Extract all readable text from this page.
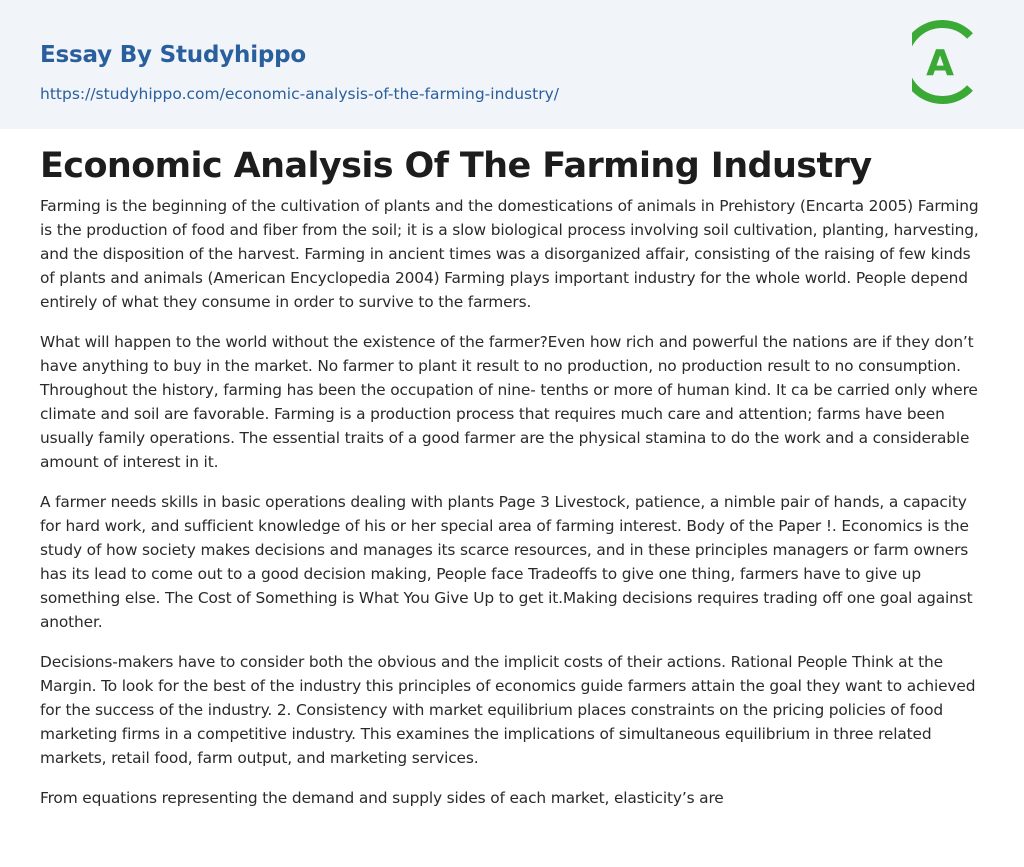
Essay By Studyhippo
https://studyhippo.com/economic-analysis-of-the-farming-industry/
A
Economic Analysis Of The Farming Industry

Farming is the beginning of the cultivation of plants and the domestications of animals in Prehistory (Encarta 2005) Farming is the production of food and fiber from the soil; it is a slow biological process involving soil cultivation, planting, harvesting, and the disposition of the harvest. Farming in ancient times was a disorganized affair, consisting of the raising of few kinds of plants and animals (American Encyclopedia 2004) Farming plays important industry for the whole world. People depend entirely of what they consume in order to survive to the farmers.

What will happen to the world without the existence of the farmer?Even how rich and powerful the nations are if they don’t have anything to buy in the market. No farmer to plant it result to no production, no production result to no consumption. Throughout the history, farming has been the occupation of nine- tenths or more of human kind. It ca be carried only where climate and soil are favorable. Farming is a production process that requires much care and attention; farms have been usually family operations. The essential traits of a good farmer are the physical stamina to do the work and a considerable amount of interest in it.

A farmer needs skills in basic operations dealing with plants Page 3 Livestock, patience, a nimble pair of hands, a capacity for hard work, and sufficient knowledge of his or her special area of farming interest. Body of the Paper !. Economics is the study of how society makes decisions and manages its scarce resources, and in these principles managers or farm owners has its lead to come out to a good decision making, People face Tradeoffs to give one thing, farmers have to give up something else. The Cost of Something is What You Give Up to get it.Making decisions requires trading off one goal against another.

Decisions-makers have to consider both the obvious and the implicit costs of their actions. Rational People Think at the Margin. To look for the best of the industry this principles of economics guide farmers attain the goal they want to achieved for the success of the industry. 2. Consistency with market equilibrium places constraints on the pricing policies of food marketing firms in a competitive industry. This examines the implications of simultaneous equilibrium in three related markets, retail food, farm output, and marketing services.

From equations representing the demand and supply sides of each market, elasticity’s are
